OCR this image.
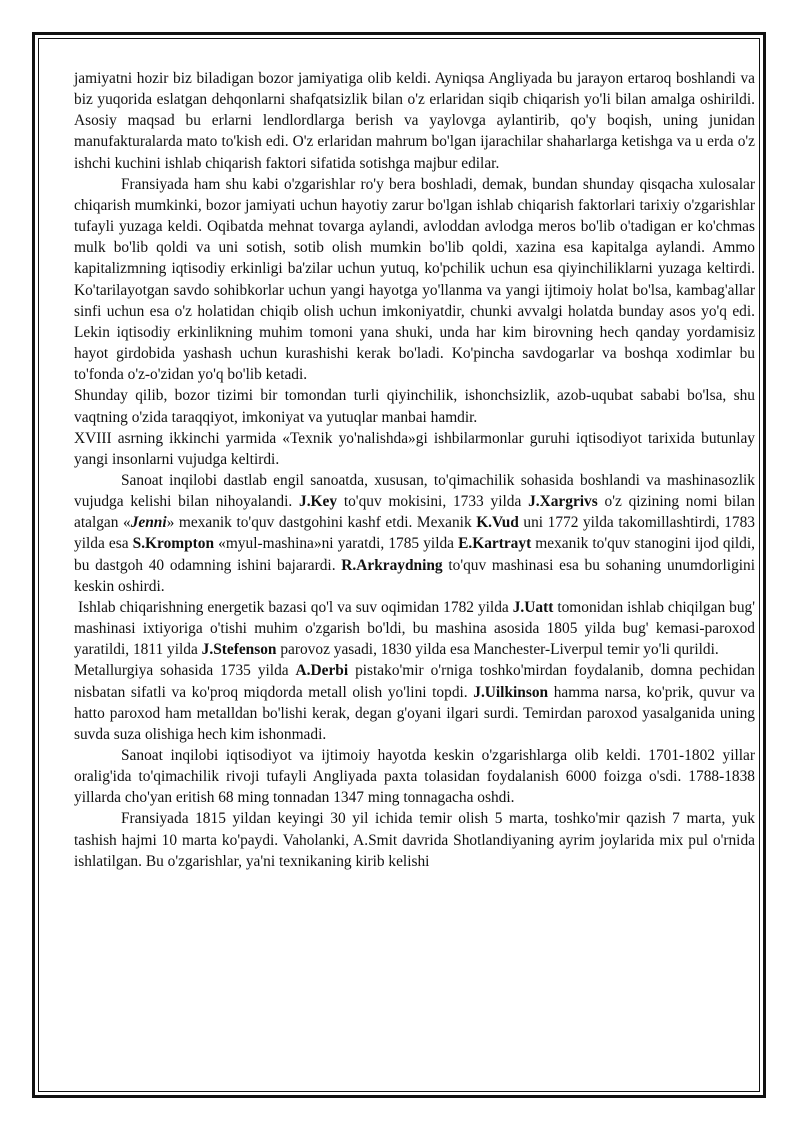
jamiyatni hozir biz biladigan bozor jamiyatiga olib keldi. Ayniqsa Angliyada bu jarayon ertaroq boshlandi va biz yuqorida eslatgan dehqonlarni shafqatsizlik bilan o'z erlaridan siqib chiqarish yo'li bilan amalga oshirildi. Asosiy maqsad bu erlarni lendlordlarga berish va yaylovga aylantirib, qo'y boqish, uning junidan manufakturalarda mato to'kish edi. O'z erlaridan mahrum bo'lgan ijarachilar shaharlarga ketishga va u erda o'z ishchi kuchini ishlab chiqarish faktori sifatida sotishga majbur edilar.

Fransiyada ham shu kabi o'zgarishlar ro'y bera boshladi, demak, bundan shunday qisqacha xulosalar chiqarish mumkinki, bozor jamiyati uchun hayotiy zarur bo'lgan ishlab chiqarish faktorlari tarixiy o'zgarishlar tufayli yuzaga keldi. Oqibatda mehnat tovarga aylandi, avloddan avlodga meros bo'lib o'tadigan er ko'chmas mulk bo'lib qoldi va uni sotish, sotib olish mumkin bo'lib qoldi, xazina esa kapitalga aylandi. Ammo kapitalizmning iqtisodiy erkinligi ba'zilar uchun yutuq, ko'pchilik uchun esa qiyinchiliklarni yuzaga keltirdi. Ko'tarilayotgan savdo sohibkorlar uchun yangi hayotga yo'llanma va yangi ijtimoiy holat bo'lsa, kambag'allar sinfi uchun esa o'z holatidan chiqib olish uchun imkoniyatdir, chunki avvalgi holatda bunday asos yo'q edi. Lekin iqtisodiy erkinlikning muhim tomoni yana shuki, unda har kim birovning hech qanday yordamisiz hayot girdobida yashash uchun kurashishi kerak bo'ladi. Ko'pincha savdogarlar va boshqa xodimlar bu to'fonda o'z-o'zidan yo'q bo'lib ketadi.

Shunday qilib, bozor tizimi bir tomondan turli qiyinchilik, ishonchsizlik, azob-uqubat sababi bo'lsa, shu vaqtning o'zida taraqqiyot, imkoniyat va yutuqlar manbai hamdir.

XVIII asrning ikkinchi yarmida «Texnik yo'nalishda»gi ishbilarmonlar guruhi iqtisodiyot tarixida butunlay yangi insonlarni vujudga keltirdi.

Sanoat inqilobi dastlab engil sanoatda, xususan, to'qimachilik sohasida boshlandi va mashinasozlik vujudga kelishi bilan nihoyalandi. J.Key to'quv mokisini, 1733 yilda J.Xargrivs o'z qizining nomi bilan atalgan «Jenni» mexanik to'quv dastgohini kashf etdi. Mexanik K.Vud uni 1772 yilda takomillashtirdi, 1783 yilda esa S.Krompton «myul-mashina»ni yaratdi, 1785 yilda E.Kartrayt mexanik to'quv stanogini ijod qildi, bu dastgoh 40 odamning ishini bajarardi. R.Arkraydning to'quv mashinasi esa bu sohaning unumdorligini keskin oshirdi.

Ishlab chiqarishning energetik bazasi qo'l va suv oqimidan 1782 yilda J.Uatt tomonidan ishlab chiqilgan bug' mashinasi ixtiyoriga o'tishi muhim o'zgarish bo'ldi, bu mashina asosida 1805 yilda bug' kemasi-paroxod yaratildi, 1811 yilda J.Stefenson parovoz yasadi, 1830 yilda esa Manchester-Liverpul temir yo'li qurildi.

Metallurgiya sohasida 1735 yilda A.Derbi pistako'mir o'rniga toshko'mirdan foydalanib, domna pechidan nisbatan sifatli va ko'proq miqdorda metall olish yo'lini topdi. J.Uilkinson hamma narsa, ko'prik, quvur va hatto paroxod ham metalldan bo'lishi kerak, degan g'oyani ilgari surdi. Temirdan paroxod yasalganida uning suvda suza olishiga hech kim ishonmadi.

Sanoat inqilobi iqtisodiyot va ijtimoiy hayotda keskin o'zgarishlarga olib keldi. 1701-1802 yillar oralig'ida to'qimachilik rivoji tufayli Angliyada paxta tolasidan foydalanish 6000 foizga o'sdi. 1788-1838 yillarda cho'yan eritish 68 ming tonnadan 1347 ming tonnagacha oshdi.

Fransiyada 1815 yildan keyingi 30 yil ichida temir olish 5 marta, toshko'mir qazish 7 marta, yuk tashish hajmi 10 marta ko'paydi. Vaholanki, A.Smit davrida Shotlandiyaning ayrim joylarida mix pul o'rnida ishlatilgan. Bu o'zgarishlar, ya'ni texnikaning kirib kelishi
